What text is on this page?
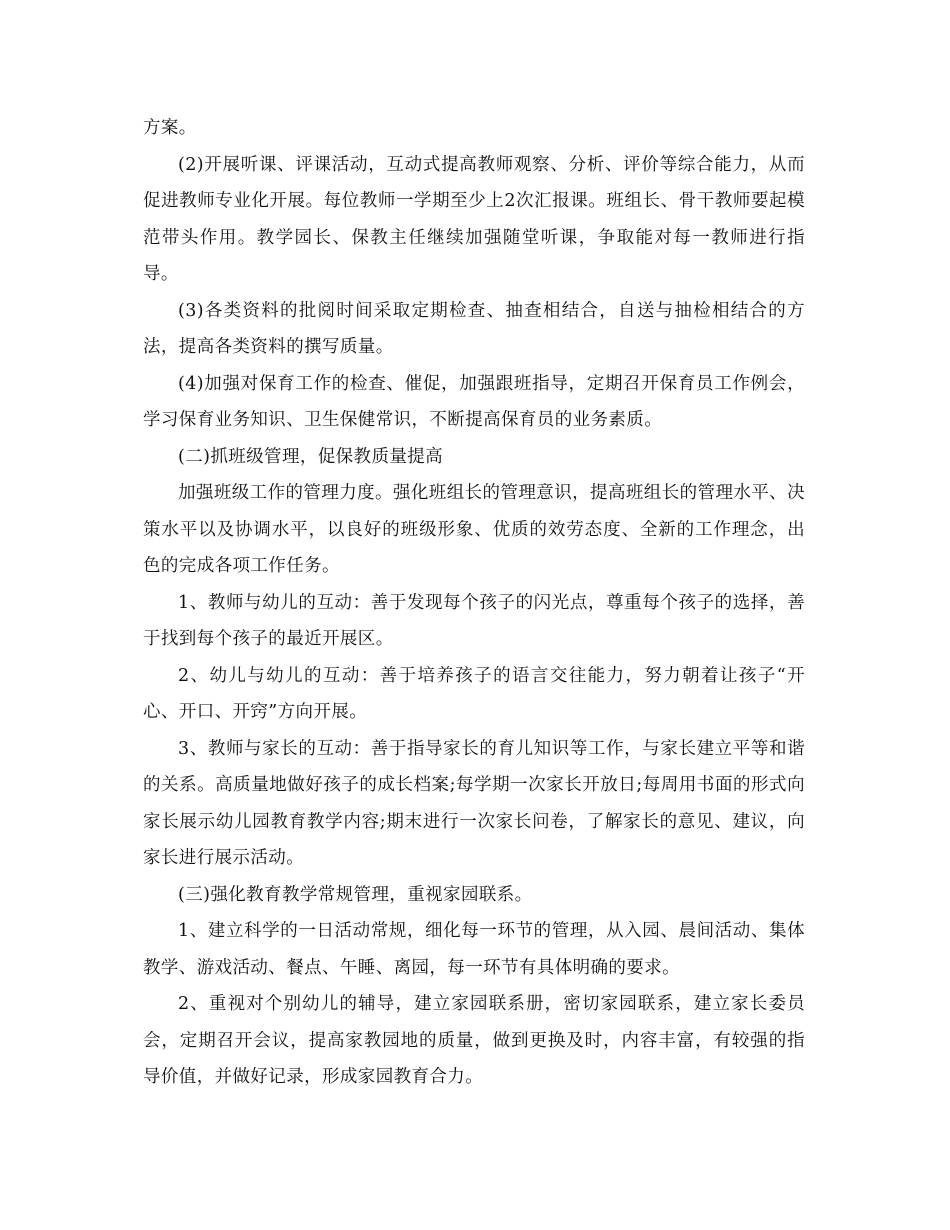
方案。

(2)开展听课、评课活动，互动式提高教师观察、分析、评价等综合能力，从而促进教师专业化开展。每位教师一学期至少上2次汇报课。班组长、骨干教师要起模范带头作用。教学园长、保教主任继续加强随堂听课，争取能对每一教师进行指导。

(3)各类资料的批阅时间采取定期检查、抽查相结合，自送与抽检相结合的方法，提高各类资料的撰写质量。

(4)加强对保育工作的检查、催促，加强跟班指导，定期召开保育员工作例会，学习保育业务知识、卫生保健常识，不断提高保育员的业务素质。

(二)抓班级管理，促保教质量提高

加强班级工作的管理力度。强化班组长的管理意识，提高班组长的管理水平、决策水平以及协调水平，以良好的班级形象、优质的效劳态度、全新的工作理念，出色的完成各项工作任务。

1、教师与幼儿的互动：善于发现每个孩子的闪光点，尊重每个孩子的选择，善于找到每个孩子的最近开展区。

2、幼儿与幼儿的互动：善于培养孩子的语言交往能力，努力朝着让孩子“开心、开口、开窍”方向开展。

3、教师与家长的互动：善于指导家长的育儿知识等工作，与家长建立平等和谐的关系。高质量地做好孩子的成长档案;每学期一次家长开放日;每周用书面的形式向家长展示幼儿园教育教学内容;期末进行一次家长问卷，了解家长的意见、建议，向家长进行展示活动。

(三)强化教育教学常规管理，重视家园联系。

1、建立科学的一日活动常规，细化每一环节的管理，从入园、晨间活动、集体教学、游戏活动、餐点、午睡、离园，每一环节有具体明确的要求。

2、重视对个别幼儿的辅导，建立家园联系册，密切家园联系，建立家长委员会，定期召开会议，提高家教园地的质量，做到更换及时，内容丰富，有较强的指导价值，并做好记录，形成家园教育合力。
